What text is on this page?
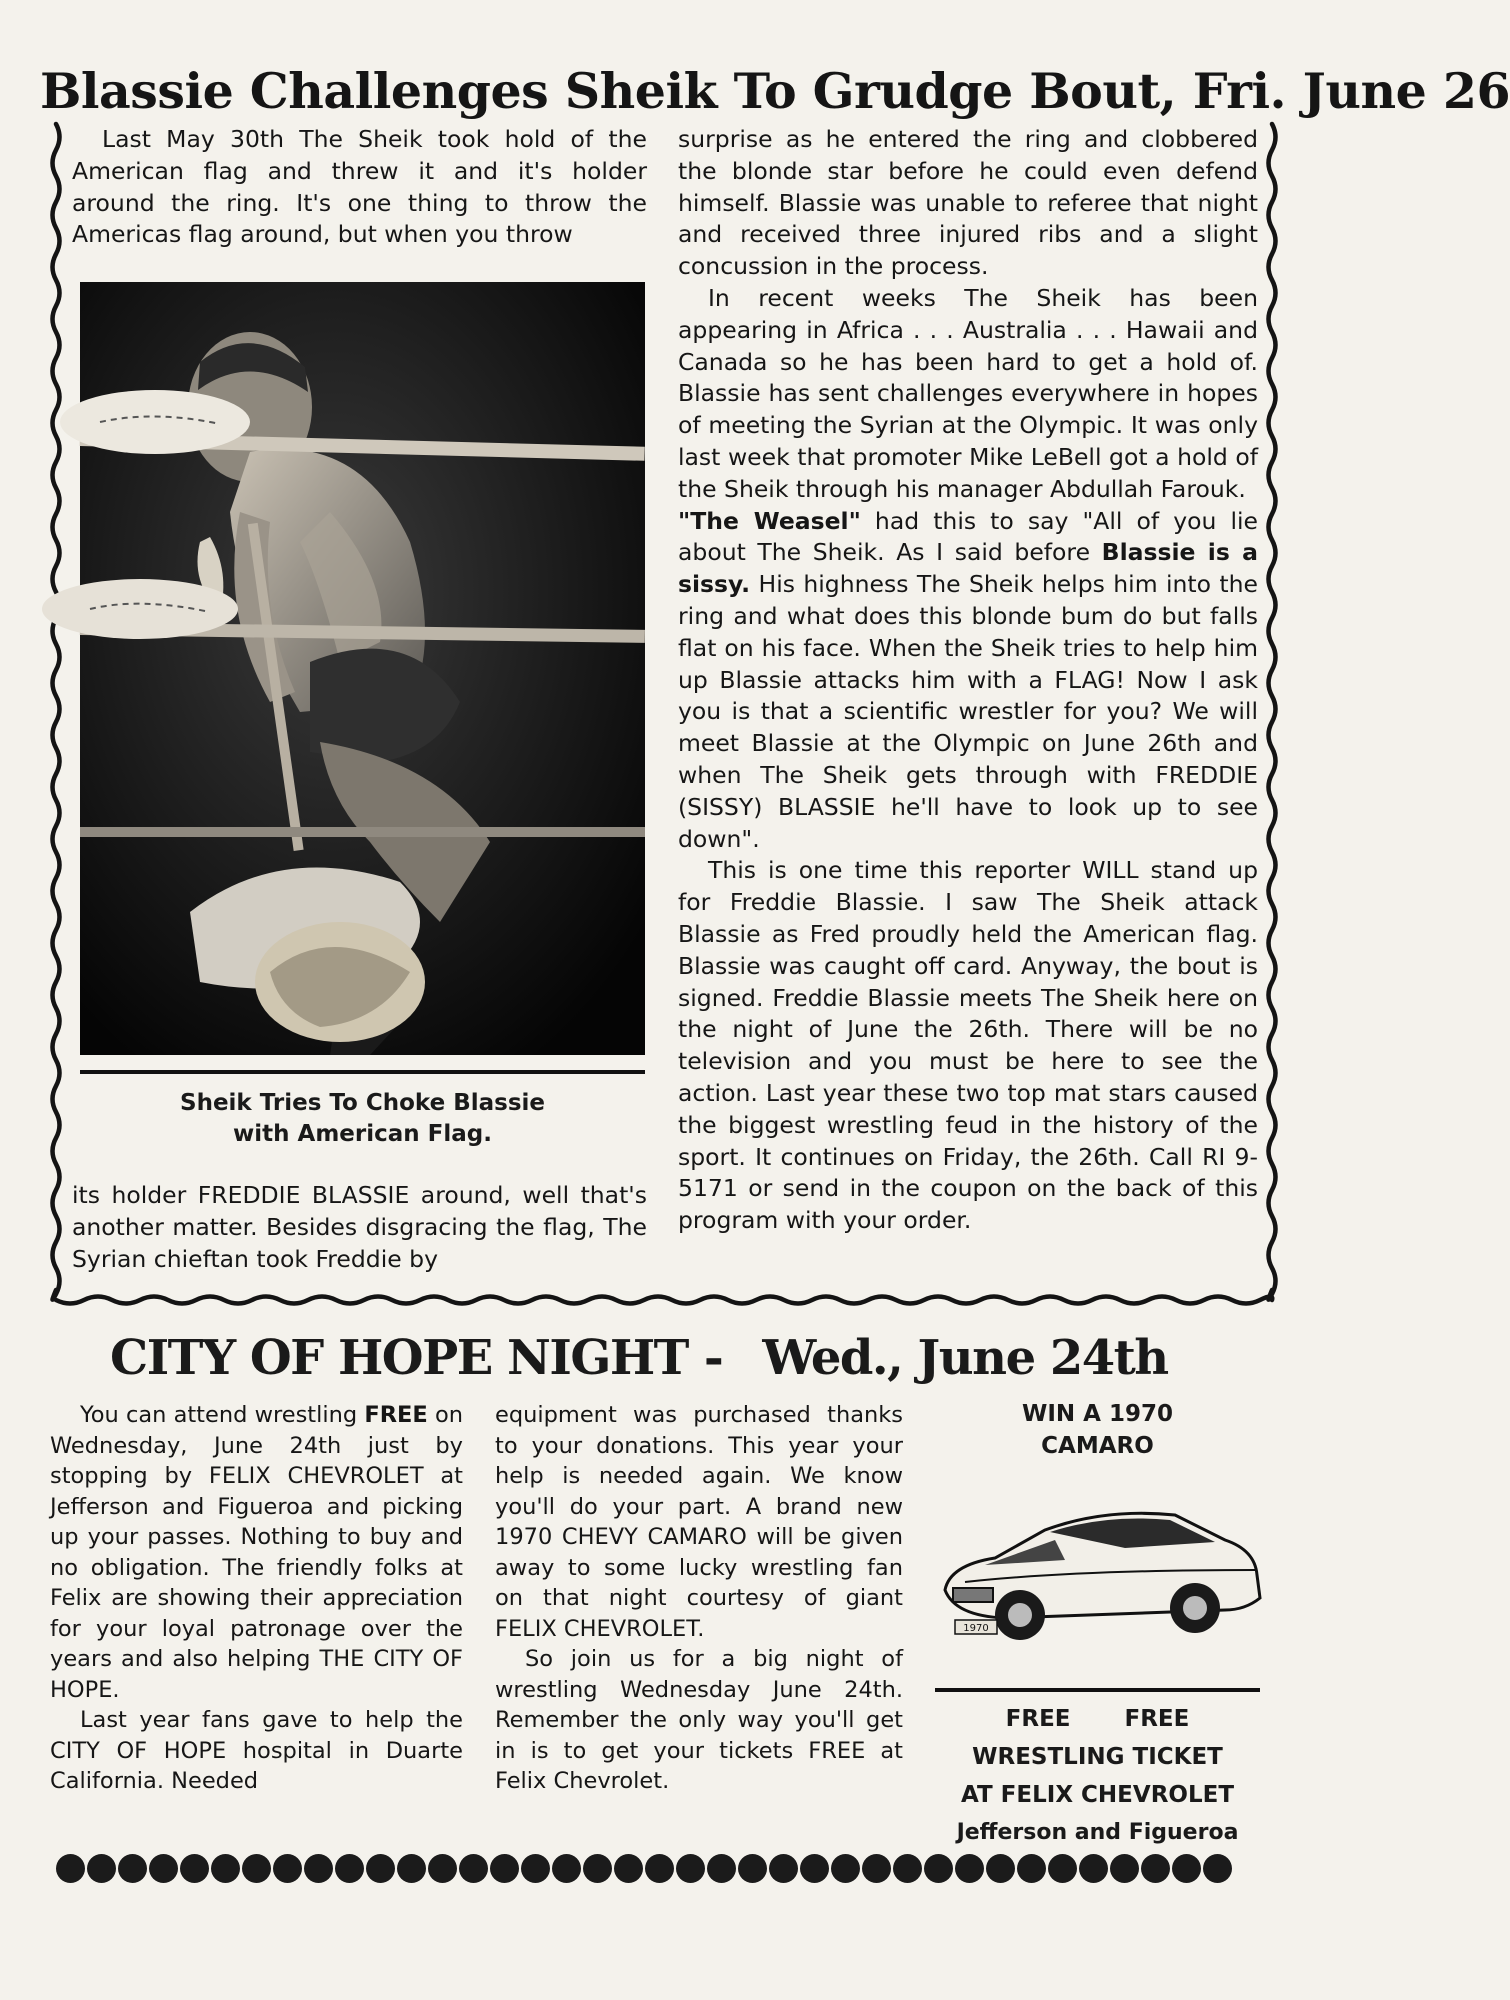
Blassie Challenges Sheik To Grudge Bout, Fri. June 26

Last May 30th The Sheik took hold of the American flag and threw it and it's holder around the ring. It's one thing to throw the Americas flag around, but when you throw

Sheik Tries To Choke Blassie
with American Flag.

its holder FREDDIE BLASSIE around, well that's another matter. Besides disgracing the flag, The Syrian chieftan took Freddie by

surprise as he entered the ring and clobbered the blonde star before he could even defend himself. Blassie was unable to referee that night and received three injured ribs and a slight concussion in the process.

In recent weeks The Sheik has been appearing in Africa . . . Australia . . . Hawaii and Canada so he has been hard to get a hold of. Blassie has sent challenges everywhere in hopes of meeting the Syrian at the Olympic. It was only last week that promoter Mike LeBell got a hold of the Sheik through his manager Abdullah Farouk.

"The Weasel" had this to say "All of you lie about The Sheik. As I said before Blassie is a sissy. His highness The Sheik helps him into the ring and what does this blonde bum do but falls flat on his face. When the Sheik tries to help him up Blassie attacks him with a FLAG! Now I ask you is that a scientific wrestler for you? We will meet Blassie at the Olympic on June 26th and when The Sheik gets through with FREDDIE (SISSY) BLASSIE he'll have to look up to see down".

This is one time this reporter WILL stand up for Freddie Blassie. I saw The Sheik attack Blassie as Fred proudly held the American flag. Blassie was caught off card. Anyway, the bout is signed. Freddie Blassie meets The Sheik here on the night of June the 26th. There will be no television and you must be here to see the action. Last year these two top mat stars caused the biggest wrestling feud in the history of the sport. It continues on Friday, the 26th. Call RI 9-5171 or send in the coupon on the back of this program with your order.

CITY OF HOPE NIGHT - Wed., June 24th

You can attend wrestling FREE on Wednesday, June 24th just by stopping by FELIX CHEVROLET at Jefferson and Figueroa and picking up your passes. Nothing to buy and no obligation. The friendly folks at Felix are showing their appreciation for your loyal patronage over the years and also helping THE CITY OF HOPE.

Last year fans gave to help the CITY OF HOPE hospital in Duarte California. Needed

equipment was purchased thanks to your donations. This year your help is needed again. We know you'll do your part. A brand new 1970 CHEVY CAMARO will be given away to some lucky wrestling fan on that night courtesy of giant FELIX CHEVROLET.

So join us for a big night of wrestling Wednesday June 24th. Remember the only way you'll get in is to get your tickets FREE at Felix Chevrolet.

WIN A 1970
CAMARO
1970
FREE FREE
WRESTLING TICKET
AT FELIX CHEVROLET
Jefferson and Figueroa
